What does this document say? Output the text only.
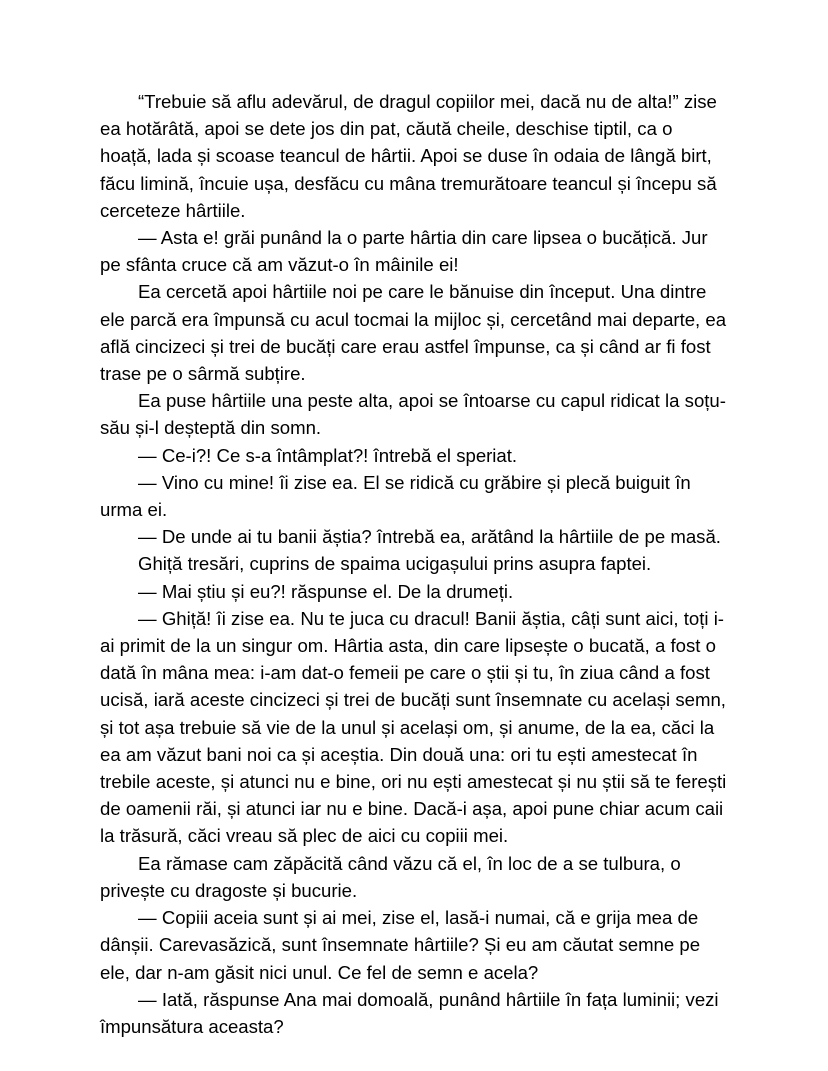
“Trebuie să aflu adevărul, de dragul copiilor mei, dacă nu de alta!” zise ea hotărâtă, apoi se dete jos din pat, căută cheile, deschise tiptil, ca o hoață, lada și scoase teancul de hârtii. Apoi se duse în odaia de lângă birt, făcu limină, încuie ușa, desfăcu cu mâna tremurătoare teancul și începu să cerceteze hârtiile.

— Asta e! grăi punând la o parte hârtia din care lipsea o bucățică. Jur pe sfânta cruce că am văzut-o în mâinile ei!

Ea cercetă apoi hârtiile noi pe care le bănuise din început. Una dintre ele parcă era împunsă cu acul tocmai la mijloc și, cercetând mai departe, ea află cincizeci și trei de bucăți care erau astfel împunse, ca și când ar fi fost trase pe o sârmă subțire.

Ea puse hârtiile una peste alta, apoi se întoarse cu capul ridicat la soțu-său și-l deșteptă din somn.

— Ce-i?! Ce s-a întâmplat?! întrebă el speriat.

— Vino cu mine! îi zise ea. El se ridică cu grăbire și plecă buiguit în urma ei.

— De unde ai tu banii ăștia? întrebă ea, arătând la hârtiile de pe masă.

Ghiță tresări, cuprins de spaima ucigașului prins asupra faptei.

— Mai știu și eu?! răspunse el. De la drumeți.

— Ghiță! îi zise ea. Nu te juca cu dracul! Banii ăștia, câți sunt aici, toți i-ai primit de la un singur om. Hârtia asta, din care lipsește o bucată, a fost o dată în mâna mea: i-am dat-o femeii pe care o știi și tu, în ziua când a fost ucisă, iară aceste cincizeci și trei de bucăți sunt însemnate cu același semn, și tot așa trebuie să vie de la unul și același om, și anume, de la ea, căci la ea am văzut bani noi ca și aceștia. Din două una: ori tu ești amestecat în trebile aceste, și atunci nu e bine, ori nu ești amestecat și nu știi să te ferești de oamenii răi, și atunci iar nu e bine. Dacă-i așa, apoi pune chiar acum caii la trăsură, căci vreau să plec de aici cu copiii mei.

Ea rămase cam zăpăcită când văzu că el, în loc de a se tulbura, o privește cu dragoste și bucurie.

— Copiii aceia sunt și ai mei, zise el, lasă-i numai, că e grija mea de dânșii. Carevasăzică, sunt însemnate hârtiile? Și eu am căutat semne pe ele, dar n-am găsit nici unul. Ce fel de semn e acela?

— Iată, răspunse Ana mai domoală, punând hârtiile în fața luminii; vezi împunsătura aceasta?
